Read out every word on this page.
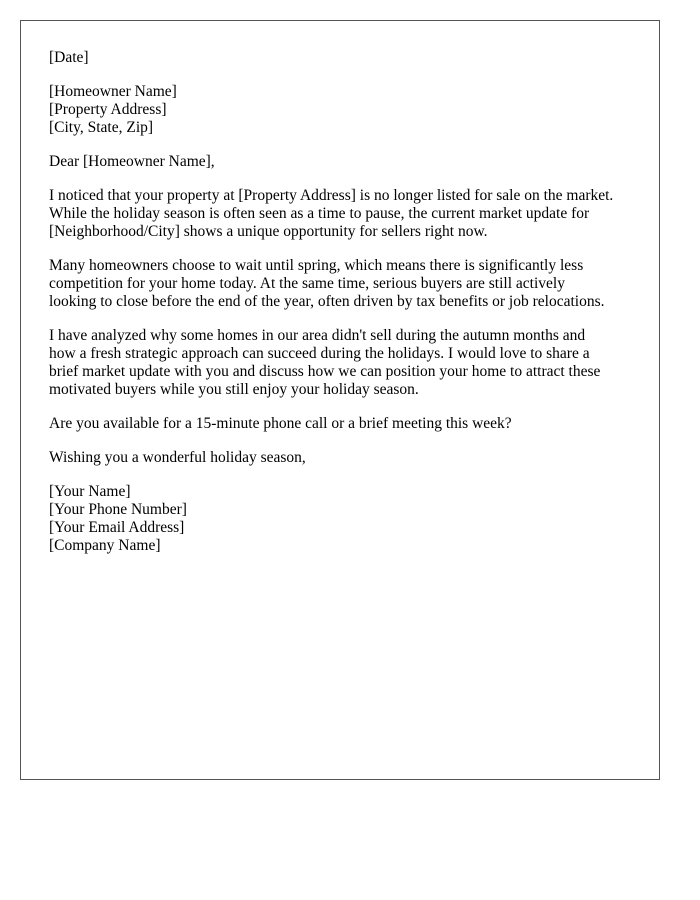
[Date]
[Homeowner Name]
[Property Address]
[City, State, Zip]
Dear [Homeowner Name],
I noticed that your property at [Property Address] is no longer listed for sale on the market.
While the holiday season is often seen as a time to pause, the current market update for
[Neighborhood/City] shows a unique opportunity for sellers right now.
Many homeowners choose to wait until spring, which means there is significantly less
competition for your home today. At the same time, serious buyers are still actively
looking to close before the end of the year, often driven by tax benefits or job relocations.
I have analyzed why some homes in our area didn't sell during the autumn months and
how a fresh strategic approach can succeed during the holidays. I would love to share a
brief market update with you and discuss how we can position your home to attract these
motivated buyers while you still enjoy your holiday season.
Are you available for a 15-minute phone call or a brief meeting this week?
Wishing you a wonderful holiday season,
[Your Name]
[Your Phone Number]
[Your Email Address]
[Company Name]
